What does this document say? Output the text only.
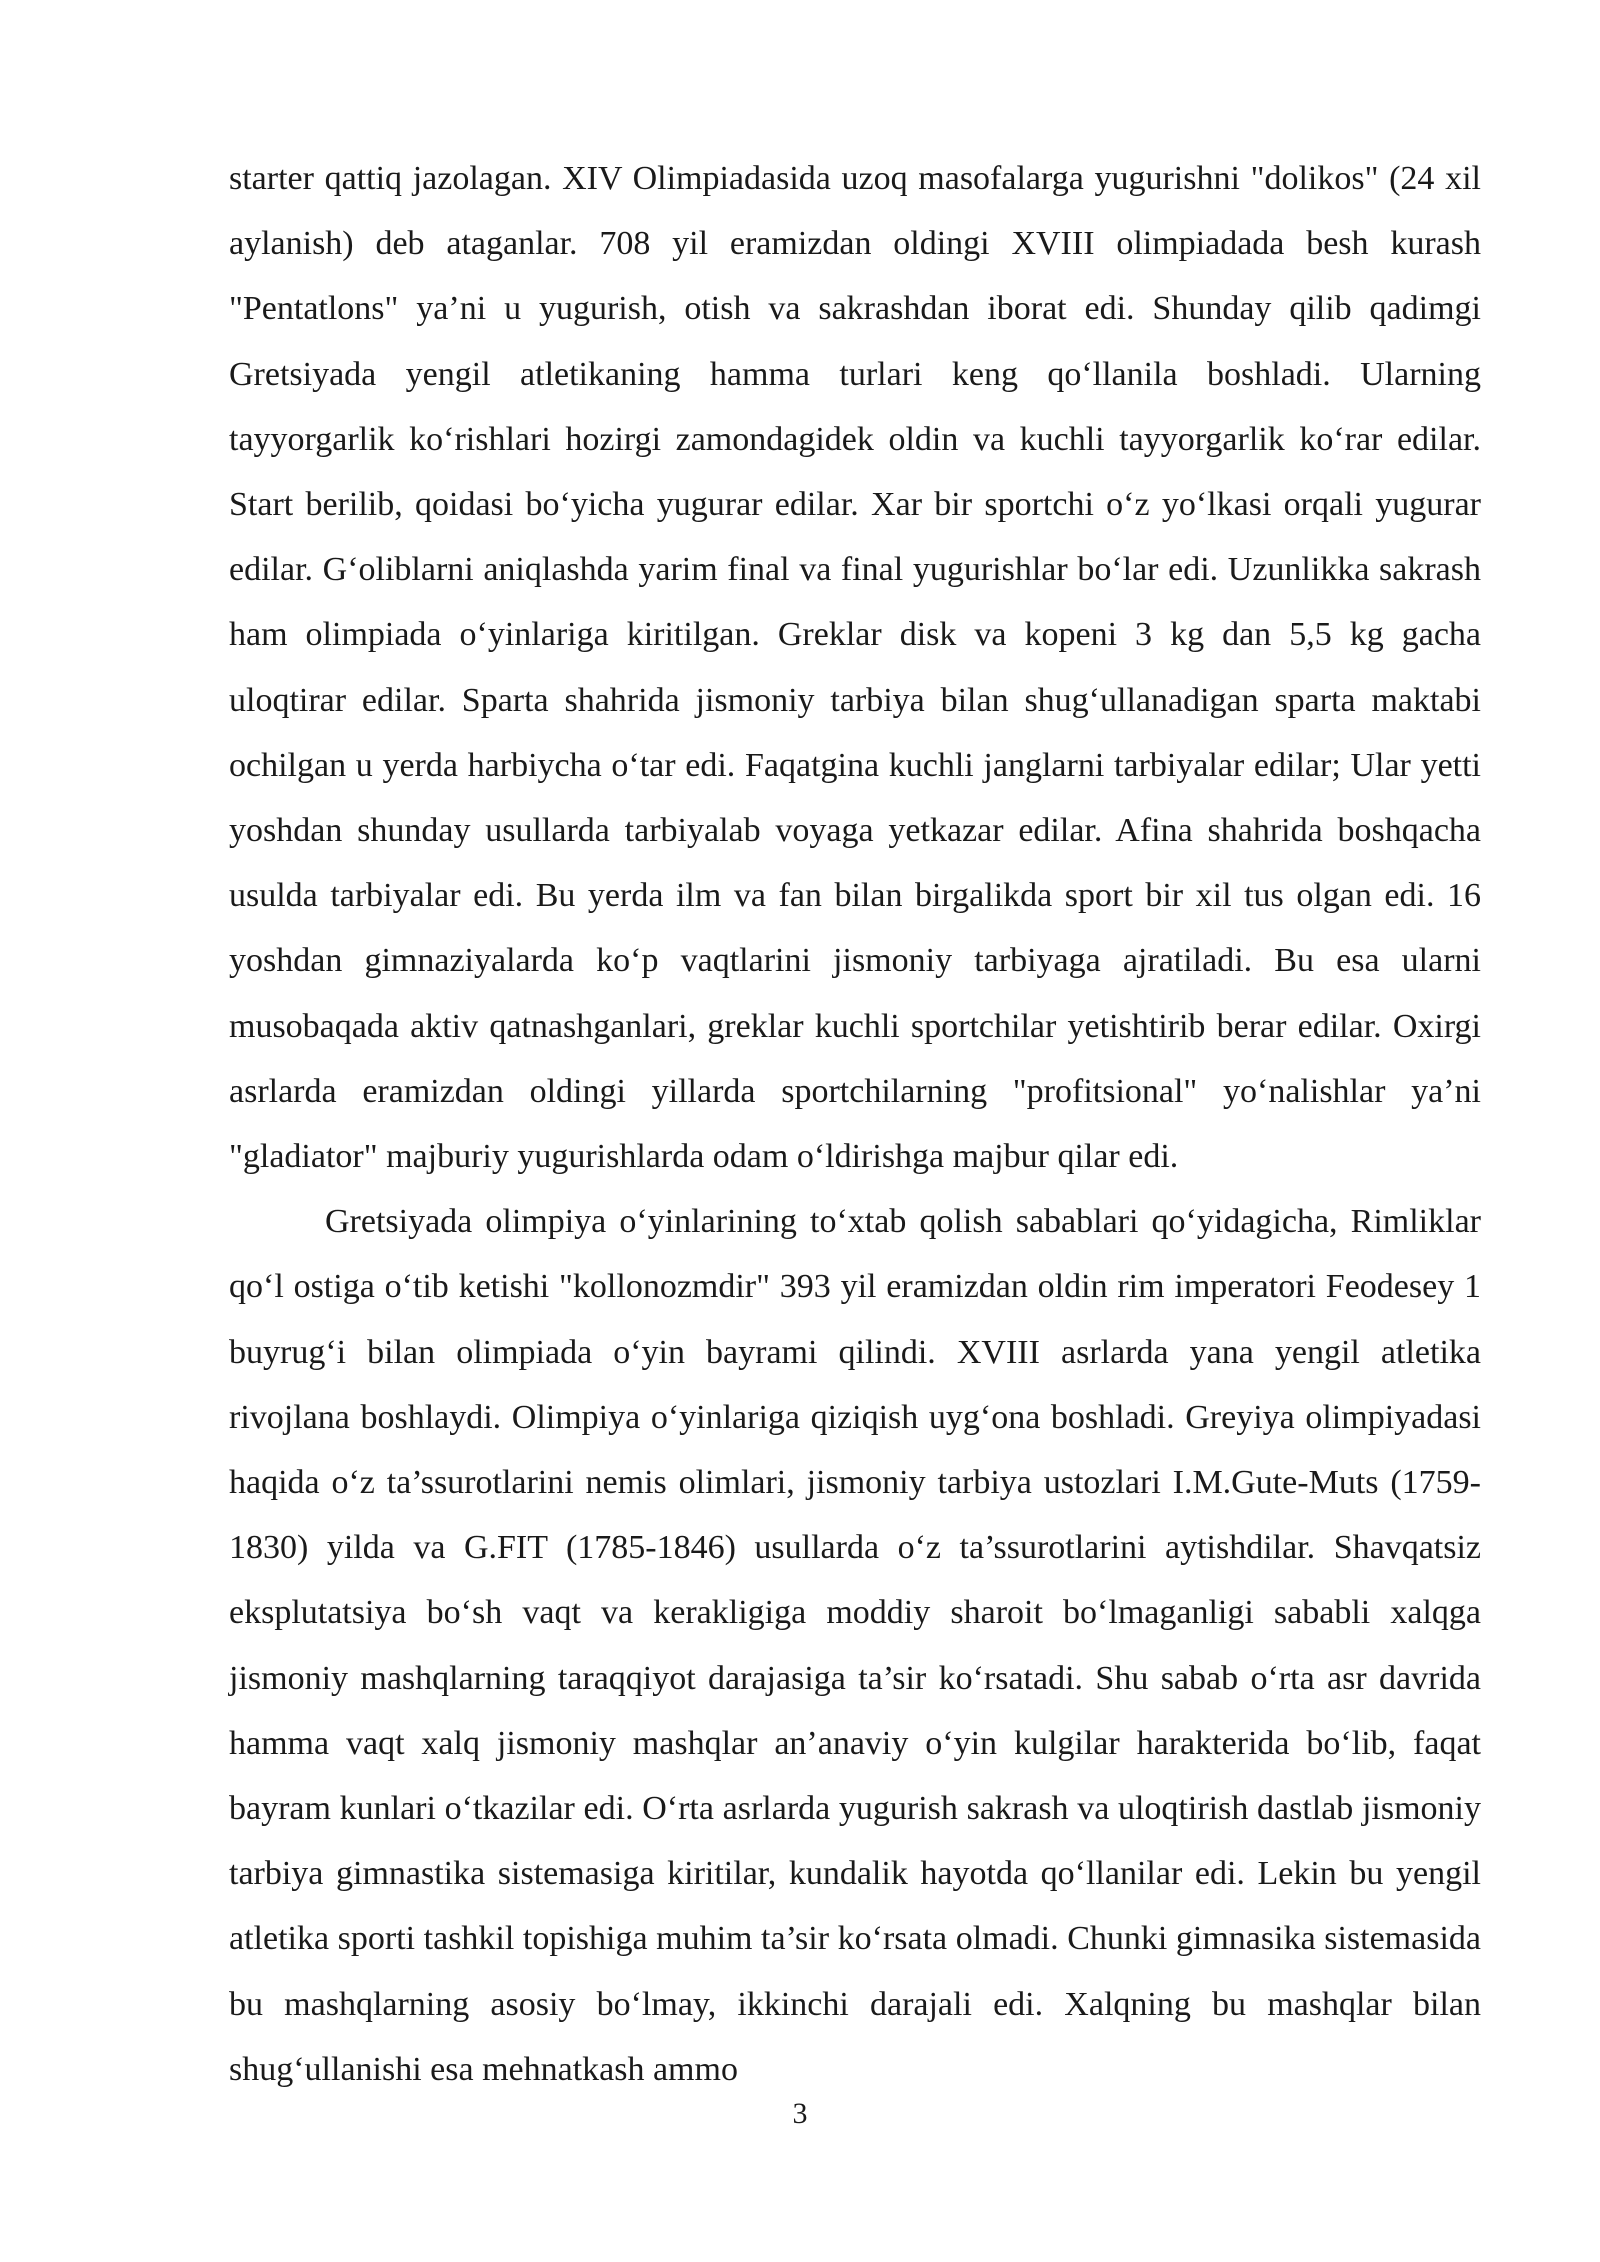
starter qattiq jazolagan. XIV Olimpiadasida uzoq masofalarga yugurishni "dolikos" (24 xil aylanish) deb ataganlar. 708 yil eramizdan oldingi XVIII olimpiadada besh kurash "Pentatlons" ya’ni u yugurish, otish va sakrashdan iborat edi. Shunday qilib qadimgi Gretsiyada yengil atletikaning hamma turlari keng qo‘llanila boshladi. Ularning tayyorgarlik ko‘rishlari hozirgi zamondagidek oldin va kuchli tayyorgarlik ko‘rar edilar. Start berilib, qoidasi bo‘yicha yugurar edilar. Xar bir sportchi o‘z yo‘lkasi orqali yugurar edilar. G‘oliblarni aniqlashda yarim final va final yugurishlar bo‘lar edi. Uzunlikka sakrash ham olimpiada o‘yinlariga kiritilgan. Greklar disk va kopeni 3 kg dan 5,5 kg gacha uloqtirar edilar. Sparta shahrida jismoniy tarbiya bilan shug‘ullanadigan sparta maktabi ochilgan u yerda harbiycha o‘tar edi. Faqatgina kuchli janglarni tarbiyalar edilar; Ular yetti yoshdan shunday usullarda tarbiyalab voyaga yetkazar edilar. Afina shahrida boshqacha usulda tarbiyalar edi. Bu yerda ilm va fan bilan birgalikda sport bir xil tus olgan edi. 16 yoshdan gimnaziyalarda ko‘p vaqtlarini jismoniy tarbiyaga ajratiladi. Bu esa ularni musobaqada aktiv qatnashganlari, greklar kuchli sportchilar yetishtirib berar edilar. Oxirgi asrlarda eramizdan oldingi yillarda sportchilarning "profitsional" yo‘nalishlar ya’ni "gladiator" majburiy yugurishlarda odam o‘ldirishga majbur qilar edi.

Gretsiyada olimpiya o‘yinlarining to‘xtab qolish sabablari qo‘yidagicha, Rimliklar qo‘l ostiga o‘tib ketishi "kollonozmdir" 393 yil eramizdan oldin rim imperatori Feodesey 1 buyrug‘i bilan olimpiada o‘yin bayrami qilindi. XVIII asrlarda yana yengil atletika rivojlana boshlaydi. Olimpiya o‘yinlariga qiziqish uyg‘ona boshladi. Greyiya olimpiyadasi haqida o‘z ta’ssurotlarini nemis olimlari, jismoniy tarbiya ustozlari I.M.Gute-Muts (1759-1830) yilda va G.FIT (1785-1846) usullarda o‘z ta’ssurotlarini aytishdilar. Shavqatsiz eksplutatsiya bo‘sh vaqt va kerakligiga moddiy sharoit bo‘lmaganligi sababli xalqga jismoniy mashqlarning taraqqiyot darajasiga ta’sir ko‘rsatadi. Shu sabab o‘rta asr davrida hamma vaqt xalq jismoniy mashqlar an’anaviy o‘yin kulgilar harakterida bo‘lib, faqat bayram kunlari o‘tkazilar edi. O‘rta asrlarda yugurish sakrash va uloqtirish dastlab jismoniy tarbiya gimnastika sistemasiga kiritilar, kundalik hayotda qo‘llanilar edi. Lekin bu yengil atletika sporti tashkil topishiga muhim ta’sir ko‘rsata olmadi. Chunki gimnasika sistemasida bu mashqlarning asosiy bo‘lmay, ikkinchi darajali edi. Xalqning bu mashqlar bilan shug‘ullanishi esa mehnatkash ammo

3
